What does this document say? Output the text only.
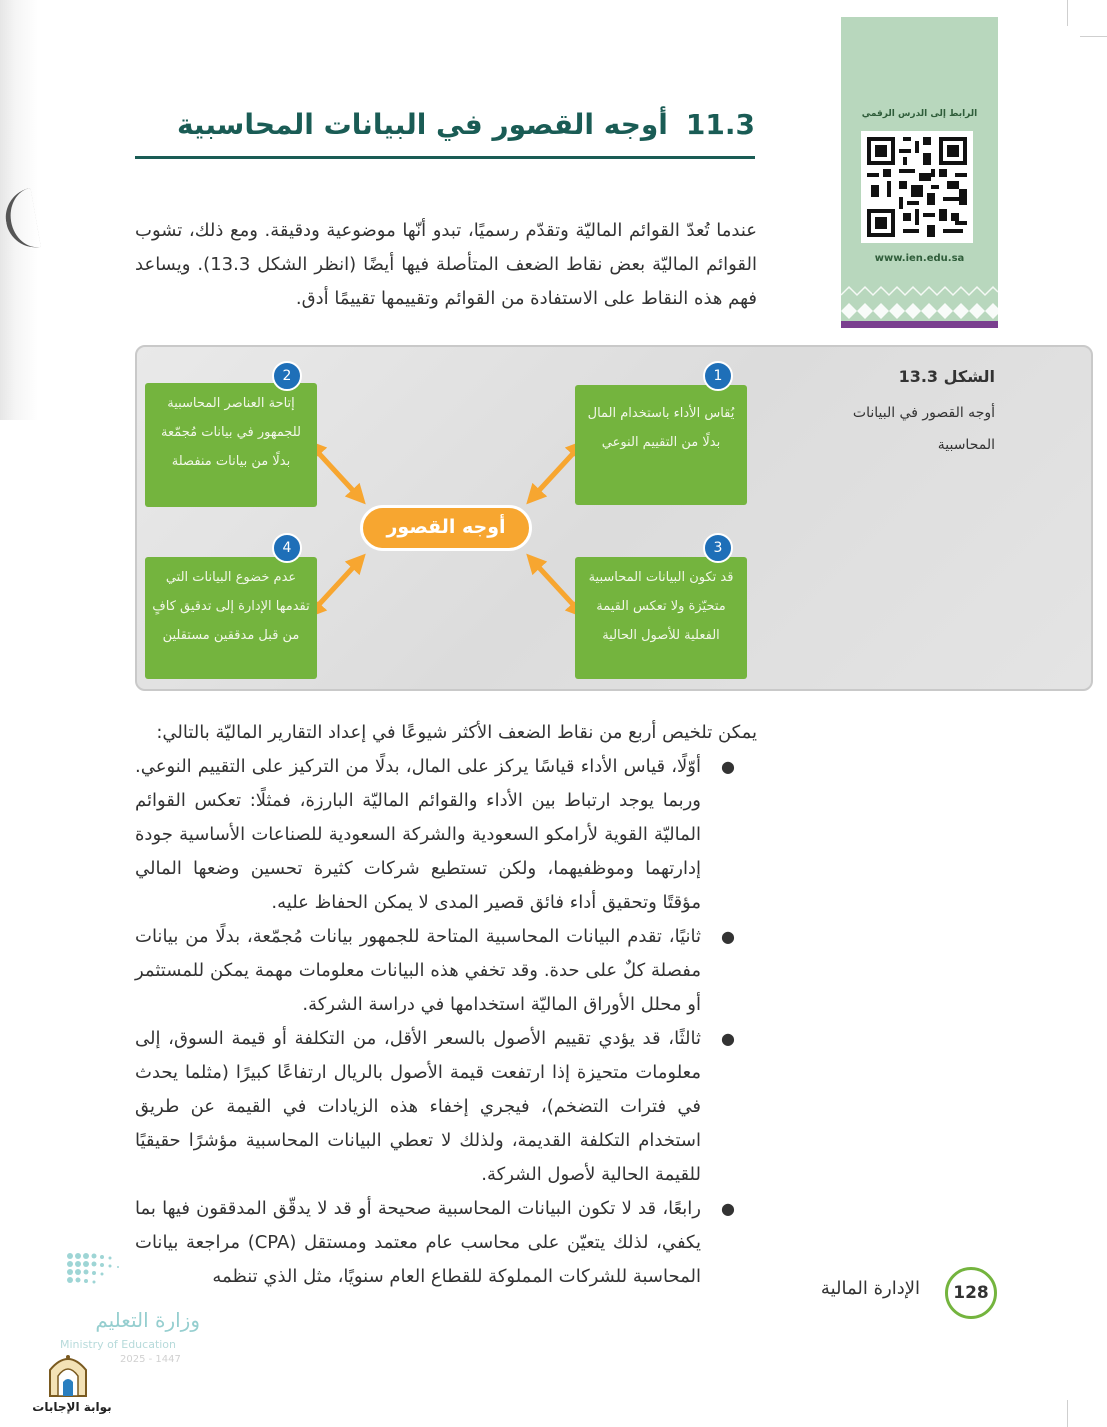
الرابط إلى الدرس الرقمي
www.ien.edu.sa
11.3أوجه القصور في البيانات المحاسبية

عندما تُعدّ القوائم الماليّة وتقدّم رسميًا، تبدو أنّها موضوعية ودقيقة. ومع ذلك، تشوب القوائم الماليّة بعض نقاط الضعف المتأصلة فيها أيضًا (انظر الشكل 13.3). ويساعد فهم هذه النقاط على الاستفادة من القوائم وتقييمها تقييمًا أدق.

الشكل 13.3
أوجه القصور في البيانات المحاسبية
يُقاس الأداء باستخدام المال بدلًا من التقييم النوعي
1
إتاحة العناصر المحاسبية للجمهور في بيانات مُجمّعة بدلًا من بيانات منفصلة
2
قد تكون البيانات المحاسبية متحيّزة ولا تعكس القيمة الفعلية للأصول الحالية
3
عدم خضوع البيانات التي تقدمها الإدارة إلى تدقيق كافٍ من قبل مدققين مستقلين
4
أوجه القصور

يمكن تلخيص أربع من نقاط الضعف الأكثر شيوعًا في إعداد التقارير الماليّة بالتالي:

●
أوّلًا، قياس الأداء قياسًا يركز على المال، بدلًا من التركيز على التقييم النوعي. وربما يوجد ارتباط بين الأداء والقوائم الماليّة البارزة، فمثلًا: تعكس القوائم الماليّة القوية لأرامكو السعودية والشركة السعودية للصناعات الأساسية جودة إدارتهما وموظفيهما، ولكن تستطيع شركات كثيرة تحسين وضعها المالي مؤقتًا وتحقيق أداء فائق قصير المدى لا يمكن الحفاظ عليه.
●
ثانيًا، تقدم البيانات المحاسبية المتاحة للجمهور بيانات مُجمّعة، بدلًا من بيانات مفصلة كلٌ على حدة. وقد تخفي هذه البيانات معلومات مهمة يمكن للمستثمر أو محلل الأوراق الماليّة استخدامها في دراسة الشركة.
●
ثالثًا، قد يؤدي تقييم الأصول بالسعر الأقل، من التكلفة أو قيمة السوق، إلى معلومات متحيزة إذا ارتفعت قيمة الأصول بالريال ارتفاعًا كبيرًا (مثلما يحدث في فترات التضخم)، فيجري إخفاء هذه الزيادات في القيمة عن طريق استخدام التكلفة القديمة، ولذلك لا تعطي البيانات المحاسبية مؤشرًا حقيقيًا للقيمة الحالية لأصول الشركة.
●
رابعًا، قد لا تكون البيانات المحاسبية صحيحة أو قد لا يدقّق المدققون فيها بما يكفي، لذلك يتعيّن على محاسب عام معتمد ومستقل (CPA) مراجعة بيانات المحاسبة للشركات المملوكة للقطاع العام سنويًا، مثل الذي تنظمه
128
الإدارة المالية
وزارة التعليم
Ministry of Education
2025 - 1447
بوابة الإجابات
